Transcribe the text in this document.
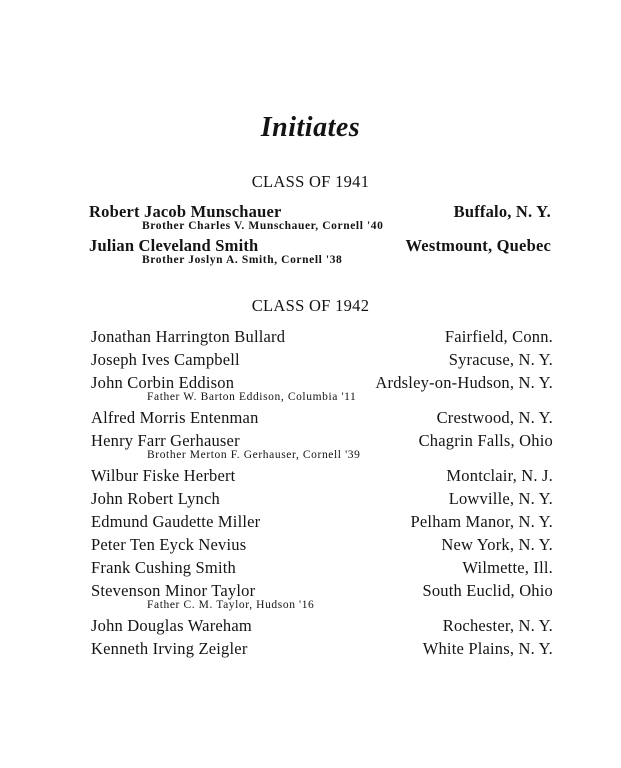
Initiates
CLASS OF 1941
Robert Jacob Munschauer	Buffalo, N. Y.
Brother Charles V. Munschauer, Cornell '40
Julian Cleveland Smith	Westmount, Quebec
Brother Joslyn A. Smith, Cornell '38
CLASS OF 1942
Jonathan Harrington Bullard	Fairfield, Conn.
Joseph Ives Campbell	Syracuse, N. Y.
John Corbin Eddison	Ardsley-on-Hudson, N. Y.
Father W. Barton Eddison, Columbia '11
Alfred Morris Entenman	Crestwood, N. Y.
Henry Farr Gerhauser	Chagrin Falls, Ohio
Brother Merton F. Gerhauser, Cornell '39
Wilbur Fiske Herbert	Montclair, N. J.
John Robert Lynch	Lowville, N. Y.
Edmund Gaudette Miller	Pelham Manor, N. Y.
Peter Ten Eyck Nevius	New York, N. Y.
Frank Cushing Smith	Wilmette, Ill.
Stevenson Minor Taylor	South Euclid, Ohio
Father C. M. Taylor, Hudson '16
John Douglas Wareham	Rochester, N. Y.
Kenneth Irving Zeigler	White Plains, N. Y.
